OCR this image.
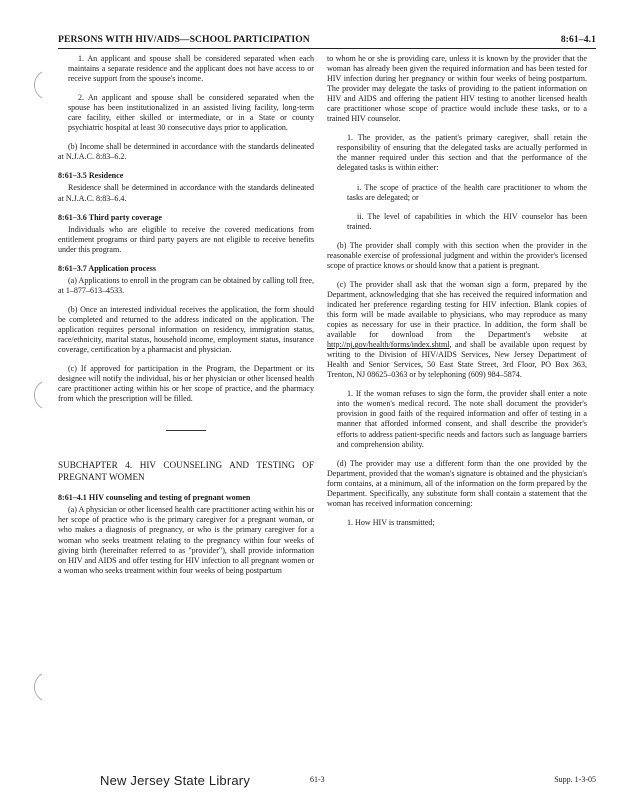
PERSONS WITH HIV/AIDS—SCHOOL PARTICIPATION	8:61–4.1

1. An applicant and spouse shall be considered separated when each maintains a separate residence and the applicant does not have access to or receive support from the spouse's income.

2. An applicant and spouse shall be considered separated when the spouse has been institutionalized in an assisted living facility, long-term care facility, either skilled or intermediate, or in a State or county psychiatric hospital at least 30 consecutive days prior to application.

(b) Income shall be determined in accordance with the standards delineated at N.J.A.C. 8:83–6.2.

8:61–3.5 Residence

Residence shall be determined in accordance with the standards delineated at N.J.A.C. 8:83–6.4.

8:61–3.6 Third party coverage

Individuals who are eligible to receive the covered medications from entitlement programs or third party payers are not eligible to receive benefits under this program.

8:61–3.7 Application process

(a) Applications to enroll in the program can be obtained by calling toll free, at 1–877–613–4533.

(b) Once an interested individual receives the application, the form should be completed and returned to the address indicated on the application. The application requires personal information on residency, immigration status, race/ethnicity, marital status, household income, employment status, insurance coverage, certification by a pharmacist and physician.

(c) If approved for participation in the Program, the Department or its designee will notify the individual, his or her physician or other licensed health care practitioner acting within his or her scope of practice, and the pharmacy from which the prescription will be filled.

SUBCHAPTER 4. HIV COUNSELING AND TESTING OF PREGNANT WOMEN
8:61–4.1 HIV counseling and testing of pregnant women

(a) A physician or other licensed health care practitioner acting within his or her scope of practice who is the primary caregiver for a pregnant woman, or who makes a diagnosis of pregnancy, or who is the primary caregiver for a woman who seeks treatment relating to the pregnancy within four weeks of giving birth (hereinafter referred to as "provider"), shall provide information on HIV and AIDS and offer testing for HIV infection to all pregnant women or a woman who seeks treatment within four weeks of being postpartum

to whom he or she is providing care, unless it is known by the provider that the woman has already been given the required information and has been tested for HIV infection during her pregnancy or within four weeks of being postpartum. The provider may delegate the tasks of providing to the patient information on HIV and AIDS and offering the patient HIV testing to another licensed health care practitioner whose scope of practice would include these tasks, or to a trained HIV counselor.

1. The provider, as the patient's primary caregiver, shall retain the responsibility of ensuring that the delegated tasks are actually performed in the manner required under this section and that the performance of the delegated tasks is within either:

i. The scope of practice of the health care practitioner to whom the tasks are delegated; or

ii. The level of capabilities in which the HIV counselor has been trained.

(b) The provider shall comply with this section when the provider in the reasonable exercise of professional judgment and within the provider's licensed scope of practice knows or should know that a patient is pregnant.

(c) The provider shall ask that the woman sign a form, prepared by the Department, acknowledging that she has received the required information and indicated her preference regarding testing for HIV infection. Blank copies of this form will be made available to physicians, who may reproduce as many copies as necessary for use in their practice. In addition, the form shall be available for download from the Department's website at http://nj.gov/health/forms/index.shtml, and shall be available upon request by writing to the Division of HIV/AIDS Services, New Jersey Department of Health and Senior Services, 50 East State Street, 3rd Floor, PO Box 363, Trenton, NJ 08625–0363 or by telephoning (609) 984–5874.

1. If the woman refuses to sign the form, the provider shall enter a note into the women's medical record. The note shall document the provider's provision in good faith of the required information and offer of testing in a manner that afforded informed consent, and shall describe the provider's efforts to address patient-specific needs and factors such as language barriers and comprehension ability.

(d) The provider may use a different form than the one provided by the Department, provided that the woman's signature is obtained and the physician's form contains, at a minimum, all of the information on the form prepared by the Department. Specifically, any substitute form shall contain a statement that the woman has received information concerning:

1. How HIV is transmitted;

New Jersey State Library	61-3	Supp. 1-3-05
